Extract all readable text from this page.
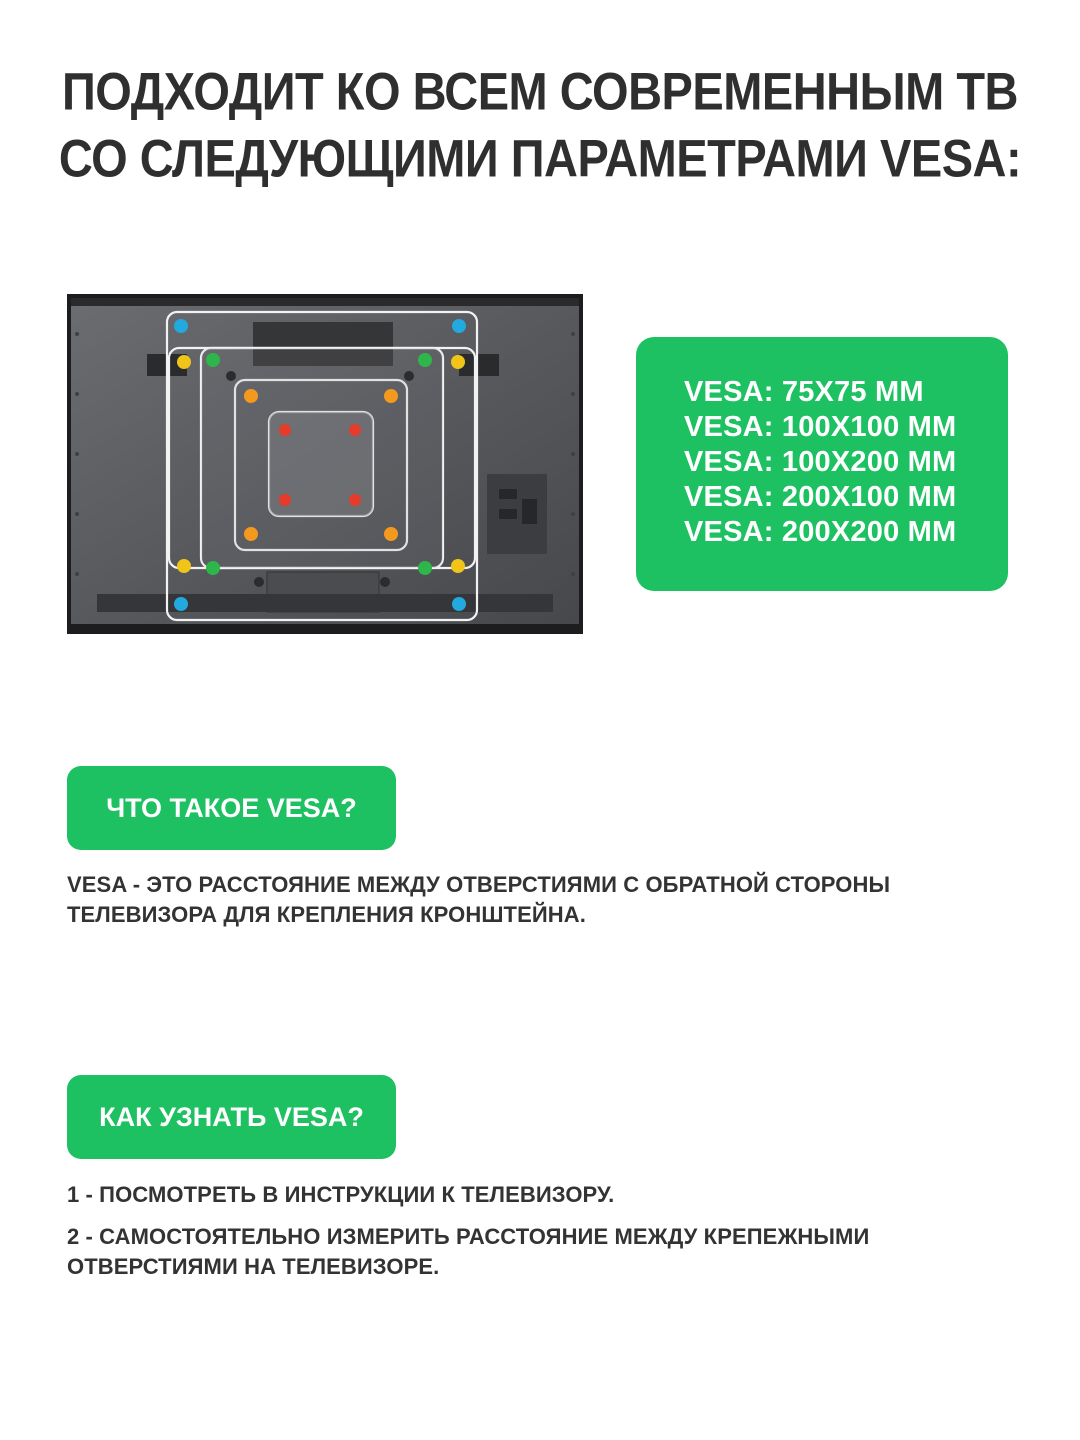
ПОДХОДИТ КО ВСЕМ СОВРЕМЕННЫМ ТВ
СО СЛЕДУЮЩИМИ ПАРАМЕТРАМИ VESA:
VESA: 75X75 MM
VESA: 100X100 MM
VESA: 100X200 MM
VESA: 200X100 MM
VESA: 200X200 MM
ЧТО ТАКОЕ VESA?
VESA - ЭТО РАССТОЯНИЕ МЕЖДУ ОТВЕРСТИЯМИ С ОБРАТНОЙ СТОРОНЫ
ТЕЛЕВИЗОРА ДЛЯ КРЕПЛЕНИЯ КРОНШТЕЙНА.
КАК УЗНАТЬ VESA?
1 - ПОСМОТРЕТЬ В ИНСТРУКЦИИ К ТЕЛЕВИЗОРУ.
2 - САМОСТОЯТЕЛЬНО ИЗМЕРИТЬ РАССТОЯНИЕ МЕЖДУ КРЕПЕЖНЫМИ
ОТВЕРСТИЯМИ НА ТЕЛЕВИЗОРЕ.
